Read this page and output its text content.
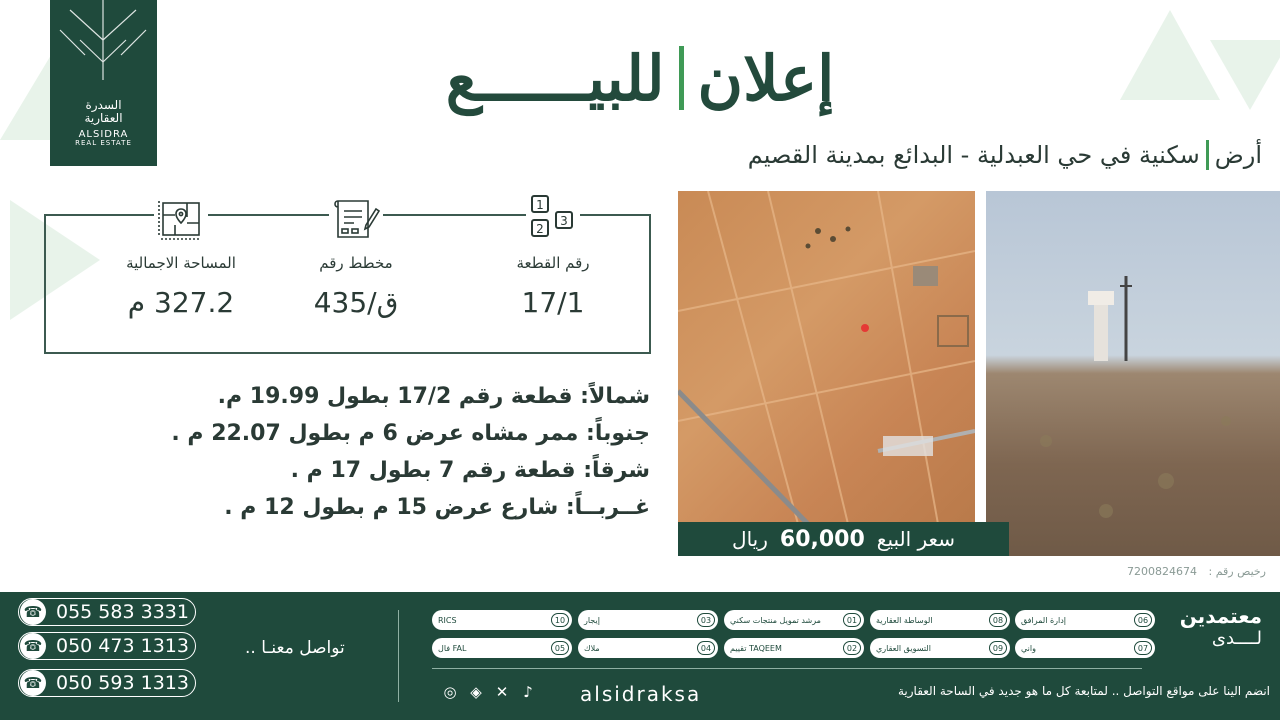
السدرة
العقارية
ALSIDRA
REAL ESTATE
إعلان
للبيــــــع
أرض
سكنية في حي العبدلية - البدائع بمدينة القصيم
المساحة الاجمالية
327.2 م
مخطط رقم
ق/435
1
2
3
رقم القطعة
17/1
شمالاً: قطعة رقم 17/2 بطول 19.99 م.
جنوباً: ممر مشاه عرض 6 م بطول 22.07 م .
شرقاً: قطعة رقم 7 بطول 17 م .
غــربــاً: شارع عرض 15 م بطول 12 م .
سعر البيع
60,000
ريال
رخيص رقم : 7200824674
☎ 055 583 3331
☎ 050 473 1313
☎ 050 593 1313
تواصل معنـا ..
معتمدين
لــــدى
إدارة المرافق	06
الوساطة العقارية	08
مرشد تمويل منتجات سكني	01
إيجار	03
RICS	10
واني	07
التسويق العقاري	09
تقييم TAQEEM	02
ملاك	04
فال FAL	05
◎ ◈ ✕ ♪ alsidraksa	انضم الينا على مواقع التواصل .. لمتابعة كل ما هو جديد في الساحة العقارية
